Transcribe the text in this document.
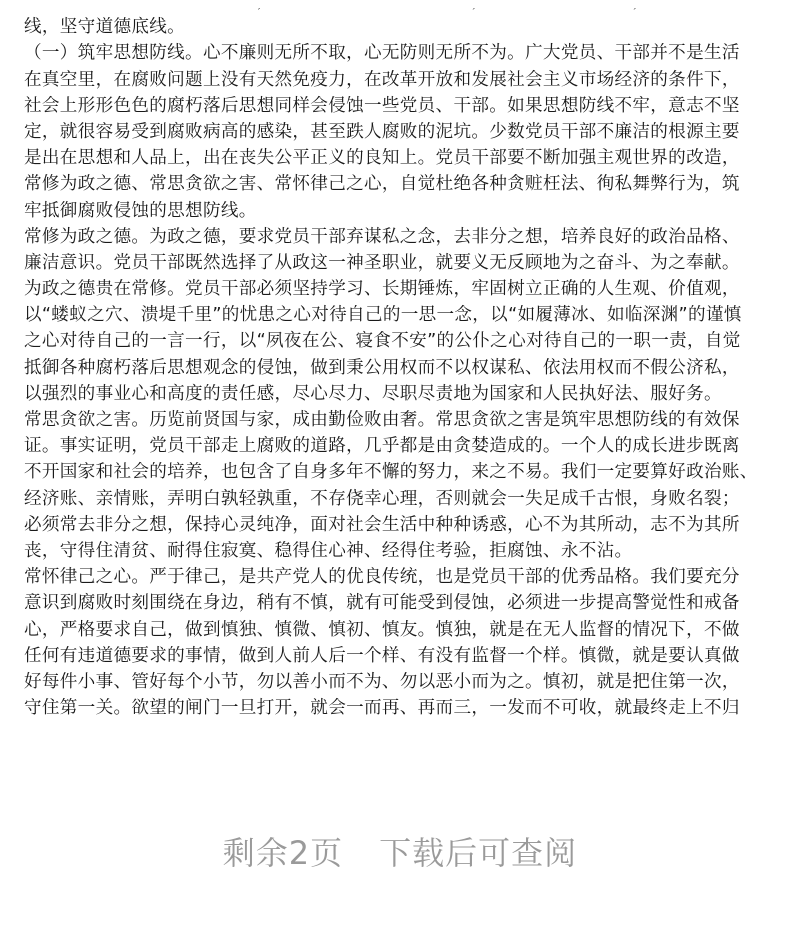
线，坚守道德底线。
（一）筑牢思想防线。心不廉则无所不取，心无防则无所不为。广大党员、干部并不是生活
在真空里，在腐败问题上没有天然免疫力，在改革开放和发展社会主义市场经济的条件下，
社会上形形色色的腐朽落后思想同样会侵蚀一些党员、干部。如果思想防线不牢，意志不坚
定，就很容易受到腐败病高的感染，甚至跌人腐败的泥坑。少数党员干部不廉洁的根源主要
是出在思想和人品上，出在丧失公平正义的良知上。党员干部要不断加强主观世界的改造，
常修为政之德、常思贪欲之害、常怀律己之心，自觉杜绝各种贪赃枉法、徇私舞弊行为，筑
牢抵御腐败侵蚀的思想防线。
常修为政之德。为政之德，要求党员干部弃谋私之念，去非分之想，培养良好的政治品格、
廉洁意识。党员干部既然选择了从政这一神圣职业，就要义无反顾地为之奋斗、为之奉献。
为政之德贵在常修。党员干部必须坚持学习、长期锤炼，牢固树立正确的人生观、价值观，
以“蝼蚁之穴、溃堤千里”的忧患之心对待自己的一思一念，以“如履薄冰、如临深渊”的谨慎
之心对待自己的一言一行，以“夙夜在公、寝食不安”的公仆之心对待自己的一职一责，自觉
抵御各种腐朽落后思想观念的侵蚀，做到秉公用权而不以权谋私、依法用权而不假公济私，
以强烈的事业心和高度的责任感，尽心尽力、尽职尽责地为国家和人民执好法、服好务。
常思贪欲之害。历览前贤国与家，成由勤俭败由奢。常思贪欲之害是筑牢思想防线的有效保
证。事实证明，党员干部走上腐败的道路，几乎都是由贪婪造成的。一个人的成长进步既离
不开国家和社会的培养，也包含了自身多年不懈的努力，来之不易。我们一定要算好政治账、
经济账、亲情账，弄明白孰轻孰重，不存侥幸心理，否则就会一失足成千古恨，身败名裂；
必须常去非分之想，保持心灵纯净，面对社会生活中种种诱惑，心不为其所动，志不为其所
丧，守得住清贫、耐得住寂寞、稳得住心神、经得住考验，拒腐蚀、永不沾。
常怀律己之心。严于律己，是共产党人的优良传统，也是党员干部的优秀品格。我们要充分
意识到腐败时刻围绕在身边，稍有不慎，就有可能受到侵蚀，必须进一步提高警觉性和戒备
心，严格要求自己，做到慎独、慎微、慎初、慎友。慎独，就是在无人监督的情况下，不做
任何有违道德要求的事情，做到人前人后一个样、有没有监督一个样。慎微，就是要认真做
好每件小事、管好每个小节，勿以善小而不为、勿以恶小而为之。慎初，就是把住第一次，
守住第一关。欲望的闸门一旦打开，就会一而再、再而三，一发而不可收，就最终走上不归
剩余2页 下载后可查阅
